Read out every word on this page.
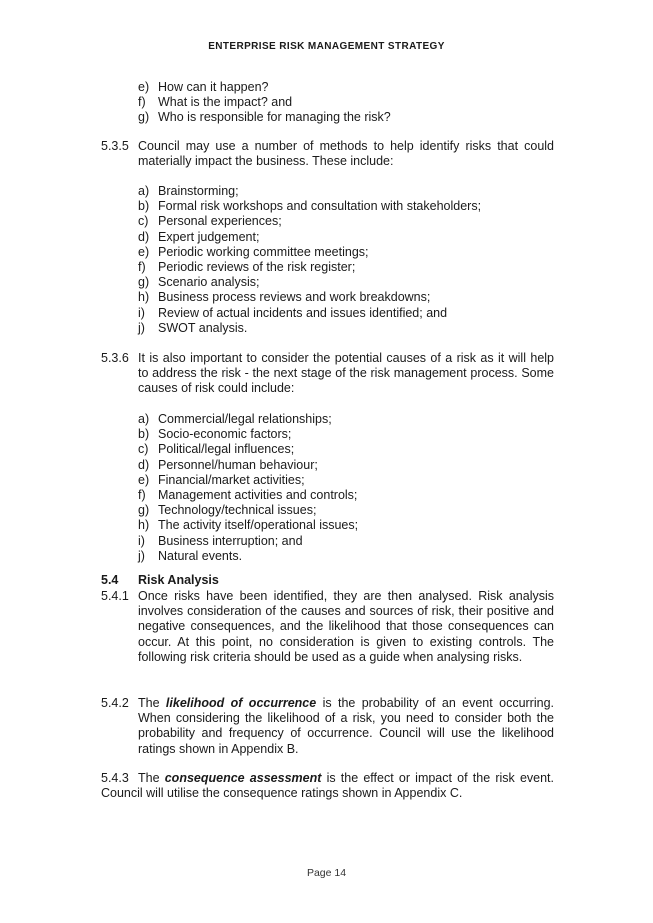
ENTERPRISE RISK MANAGEMENT STRATEGY
e) How can it happen?
f) What is the impact? and
g) Who is responsible for managing the risk?
5.3.5 Council may use a number of methods to help identify risks that could materially impact the business. These include:
a) Brainstorming;
b) Formal risk workshops and consultation with stakeholders;
c) Personal experiences;
d) Expert judgement;
e) Periodic working committee meetings;
f) Periodic reviews of the risk register;
g) Scenario analysis;
h) Business process reviews and work breakdowns;
i) Review of actual incidents and issues identified; and
j) SWOT analysis.
5.3.6 It is also important to consider the potential causes of a risk as it will help to address the risk - the next stage of the risk management process. Some causes of risk could include:
a) Commercial/legal relationships;
b) Socio-economic factors;
c) Political/legal influences;
d) Personnel/human behaviour;
e) Financial/market activities;
f) Management activities and controls;
g) Technology/technical issues;
h) The activity itself/operational issues;
i) Business interruption; and
j) Natural events.
5.4 Risk Analysis
5.4.1 Once risks have been identified, they are then analysed. Risk analysis involves consideration of the causes and sources of risk, their positive and negative consequences, and the likelihood that those consequences can occur. At this point, no consideration is given to existing controls. The following risk criteria should be used as a guide when analysing risks.
5.4.2 The likelihood of occurrence is the probability of an event occurring. When considering the likelihood of a risk, you need to consider both the probability and frequency of occurrence. Council will use the likelihood ratings shown in Appendix B.
5.4.3 The consequence assessment is the effect or impact of the risk event. Council will utilise the consequence ratings shown in Appendix C.
Page 14
